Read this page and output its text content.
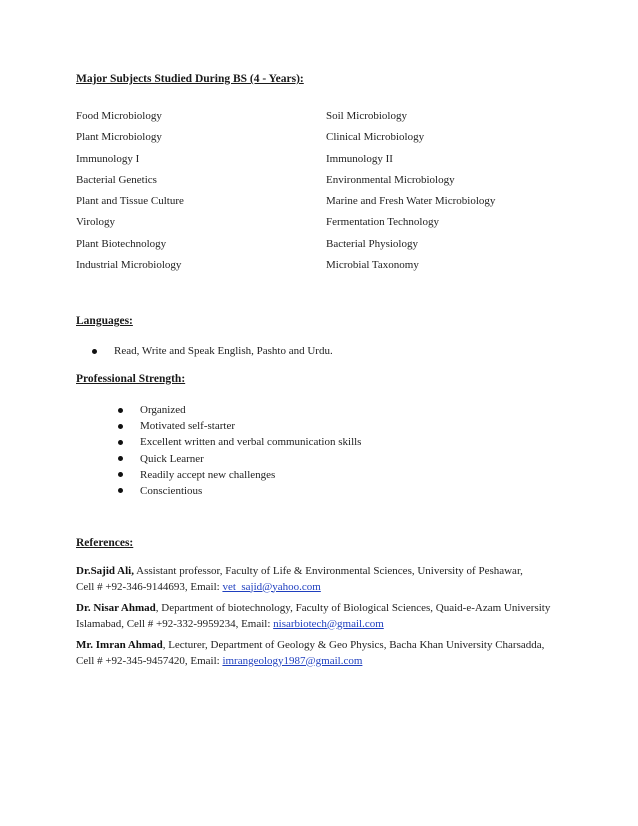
Major Subjects Studied During BS (4 - Years):
Food Microbiology	Soil Microbiology
Plant Microbiology	Clinical Microbiology
Immunology I	Immunology II
Bacterial Genetics	Environmental Microbiology
Plant and Tissue Culture	Marine and Fresh Water Microbiology
Virology	Fermentation Technology
Plant Biotechnology	Bacterial Physiology
Industrial Microbiology	Microbial Taxonomy
Languages:
Read, Write and Speak English, Pashto and Urdu.
Professional Strength:
Organized
Motivated self-starter
Excellent written and verbal communication skills
Quick Learner
Readily accept new challenges
Conscientious
References:
Dr.Sajid Ali, Assistant professor, Faculty of Life & Environmental Sciences, University of Peshawar,
Cell # +92-346-9144693, Email: vet_sajid@yahoo.com
Dr. Nisar Ahmad, Department of biotechnology, Faculty of Biological Sciences, Quaid-e-Azam University
Islamabad, Cell # +92-332-9959234, Email: nisarbiotech@gmail.com
Mr. Imran Ahmad, Lecturer, Department of Geology & Geo Physics, Bacha Khan University Charsadda,
Cell # +92-345-9457420, Email: imrangeology1987@gmail.com
